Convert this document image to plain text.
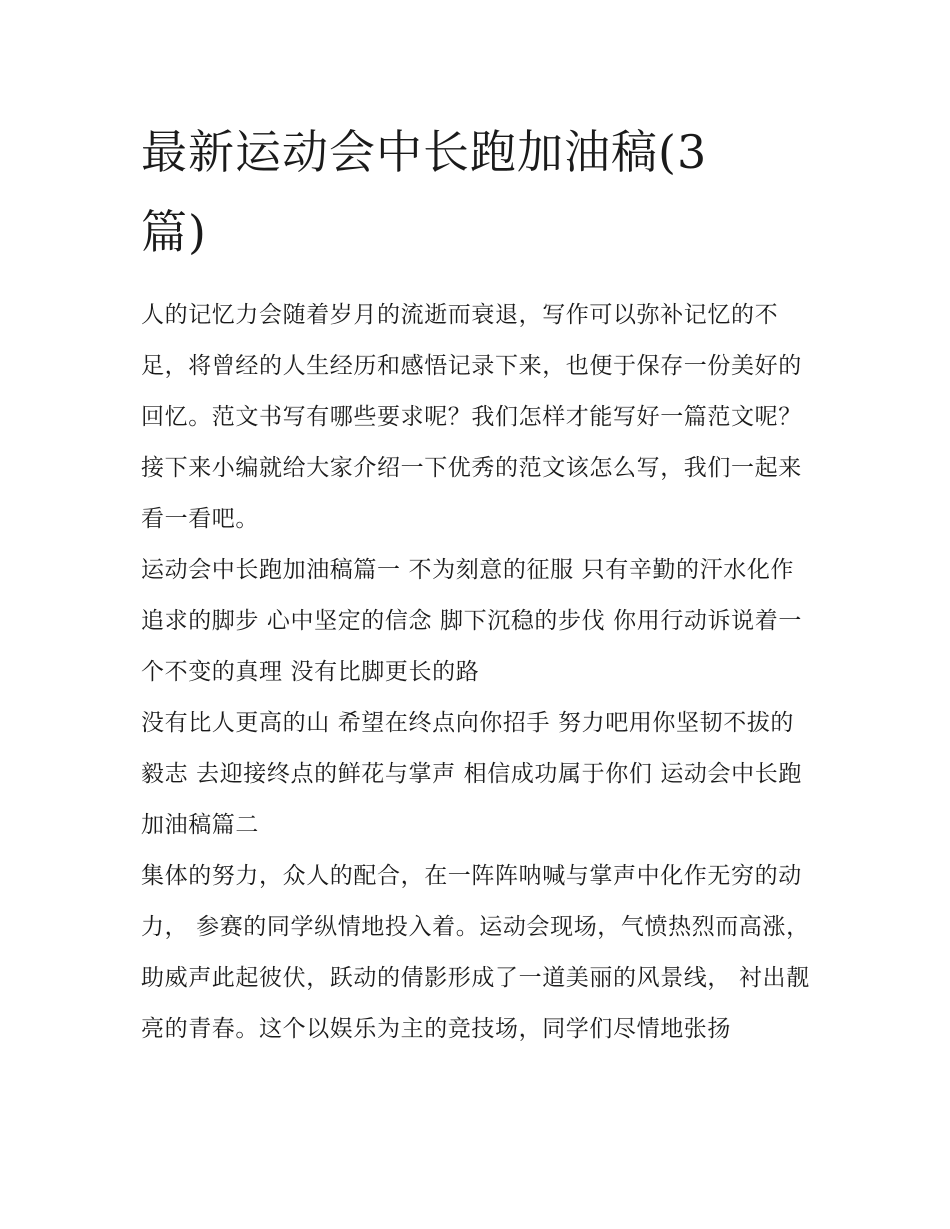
最新运动会中长跑加油稿(3篇)

人的记忆力会随着岁月的流逝而衰退，写作可以弥补记忆的不足，将曾经的人生经历和感悟记录下来，也便于保存一份美好的回忆。范文书写有哪些要求呢？我们怎样才能写好一篇范文呢？接下来小编就给大家介绍一下优秀的范文该怎么写，我们一起来看一看吧。

运动会中长跑加油稿篇一 不为刻意的征服 只有辛勤的汗水化作追求的脚步 心中坚定的信念 脚下沉稳的步伐 你用行动诉说着一个不变的真理 没有比脚更长的路

没有比人更高的山 希望在终点向你招手 努力吧用你坚韧不拔的毅志 去迎接终点的鲜花与掌声 相信成功属于你们 运动会中长跑加油稿篇二

集体的努力，众人的配合，在一阵阵呐喊与掌声中化作无穷的动力， 参赛的同学纵情地投入着。运动会现场，气愤热烈而高涨，

助威声此起彼伏，跃动的倩影形成了一道美丽的风景线， 衬出靓亮的青春。这个以娱乐为主的竞技场，同学们尽情地张扬
